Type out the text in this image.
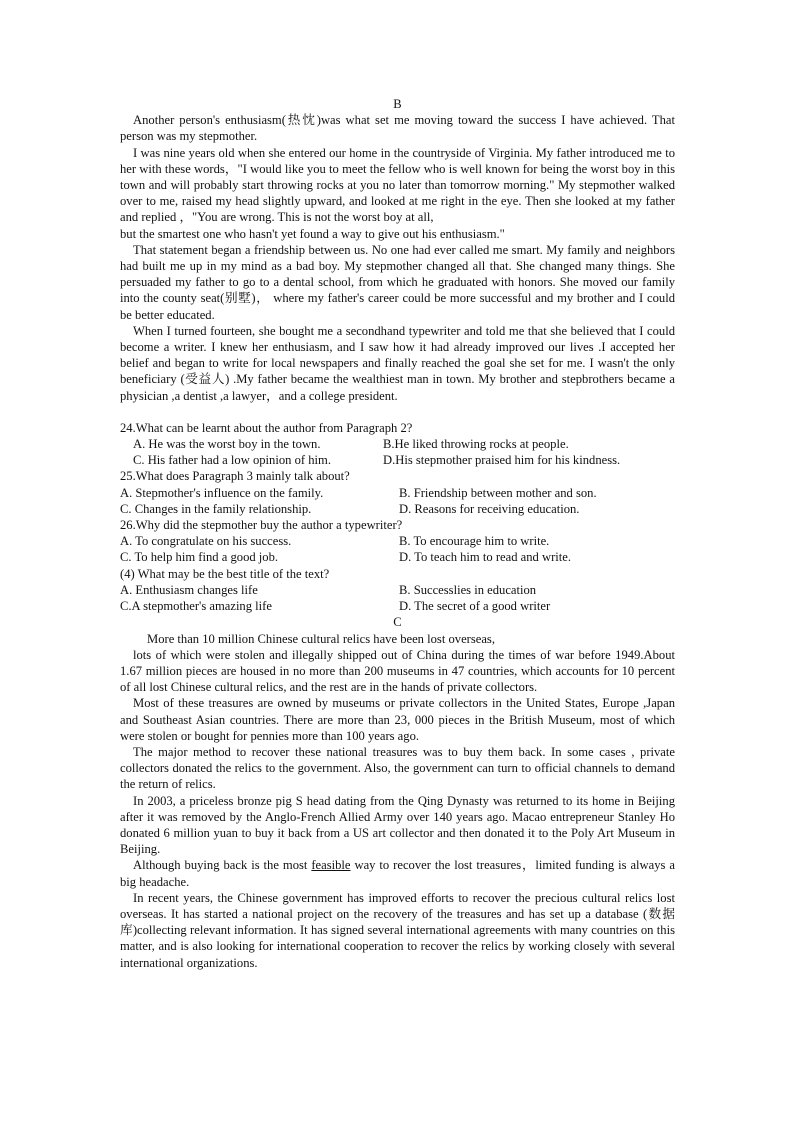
B

Another person's enthusiasm(热忱)was what set me moving toward the success I have achieved. That person was my stepmother.

I was nine years old when she entered our home in the countryside of Virginia. My father introduced me to her with these words，"I would like you to meet the fellow who is well known for being the worst boy in this town and will probably start throwing rocks at you no later than tomorrow morning." My stepmother walked over to me, raised my head slightly upward, and looked at me right in the eye. Then she looked at my father and replied ，"You are wrong. This is not the worst boy at all,

but the smartest one who hasn't yet found a way to give out his enthusiasm."

That statement began a friendship between us. No one had ever called me smart. My family and neighbors had built me up in my mind as a bad boy. My stepmother changed all that. She changed many things. She persuaded my father to go to a dental school, from which he graduated with honors. She moved our family into the county seat(别墅)， where my father's career could be more successful and my brother and I could be better educated.

When I turned fourteen, she bought me a secondhand typewriter and told me that she believed that I could become a writer. I knew her enthusiasm, and I saw how it had already improved our lives .I accepted her belief and began to write for local newspapers and finally reached the goal she set for me. I wasn't the only beneficiary (受益人) .My father became the wealthiest man in town. My brother and stepbrothers became a physician ,a dentist ,a lawyer，and a college president.

24.What can be learnt about the author from Paragraph 2?

A. He was the worst boy in the town.	B.He liked throwing rocks at people.
C. His father had a low opinion of him.	D.His stepmother praised him for his kindness.

25.What does Paragraph 3 mainly talk about?

A. Stepmother's influence on the family.	B. Friendship between mother and son.
C. Changes in the family relationship.	D. Reasons for receiving education.

26.Why did the stepmother buy the author a typewriter?

A. To congratulate on his success.	B. To encourage him to write.
C. To help him find a good job.	D. To teach him to read and write.

(4) What may be the best title of the text?

A. Enthusiasm changes life	B. Successlies in education
C.A stepmother's amazing life	D. The secret of a good writer
C

More than 10 million Chinese cultural relics have been lost overseas,

lots of which were stolen and illegally shipped out of China during the times of war before 1949.About 1.67 million pieces are housed in no more than 200 museums in 47 countries, which accounts for 10 percent of all lost Chinese cultural relics, and the rest are in the hands of private collectors.

Most of these treasures are owned by museums or private collectors in the United States, Europe ,Japan and Southeast Asian countries. There are more than 23, 000 pieces in the British Museum, most of which were stolen or bought for pennies more than 100 years ago.

The major method to recover these national treasures was to buy them back. In some cases , private collectors donated the relics to the government. Also, the government can turn to official channels to demand the return of relics.

In 2003, a priceless bronze pig S head dating from the Qing Dynasty was returned to its home in Beijing after it was removed by the Anglo-French Allied Army over 140 years ago. Macao entrepreneur Stanley Ho donated 6 million yuan to buy it back from a US art collector and then donated it to the Poly Art Museum in Beijing.

Although buying back is the most feasible way to recover the lost treasures，limited funding is always a big headache.

In recent years, the Chinese government has improved efforts to recover the precious cultural relics lost overseas. It has started a national project on the recovery of the treasures and has set up a database (数据库)collecting relevant information. It has signed several international agreements with many countries on this matter, and is also looking for international cooperation to recover the relics by working closely with several international organizations.
